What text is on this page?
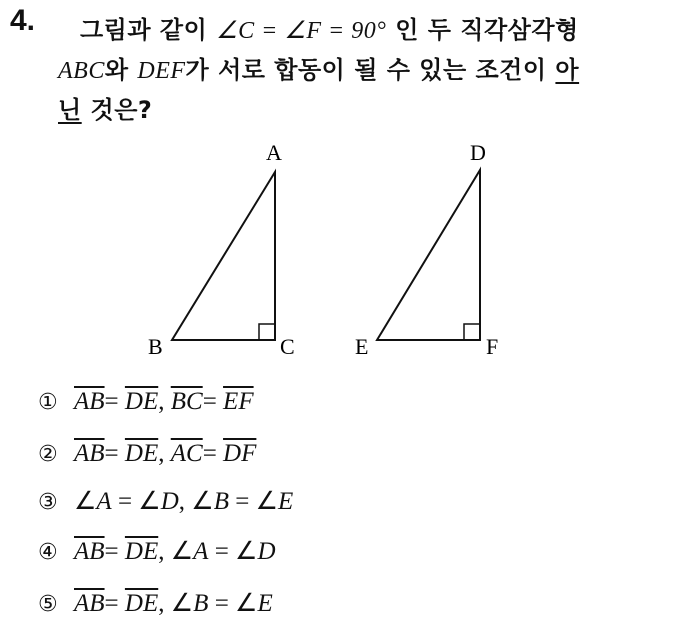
4. 그림과 같이 ∠C = ∠F = 90° 인 두 직각삼각형
ABC와 DEF가 서로 합동이 될 수 있는 조건이 아
닌 것은?
A
B	C
D
E	F
① $\overline{AB}= \overline{DE}$, $\overline{BC}= \overline{EF}$
② $\overline{AB}= \overline{DE}$, $\overline{AC}= \overline{DF}$
③ ∠A = ∠D, ∠B = ∠E
④ $\overline{AB}= \overline{DE}$, ∠A = ∠D
⑤ $\overline{AB}= \overline{DE}$, ∠B = ∠E
